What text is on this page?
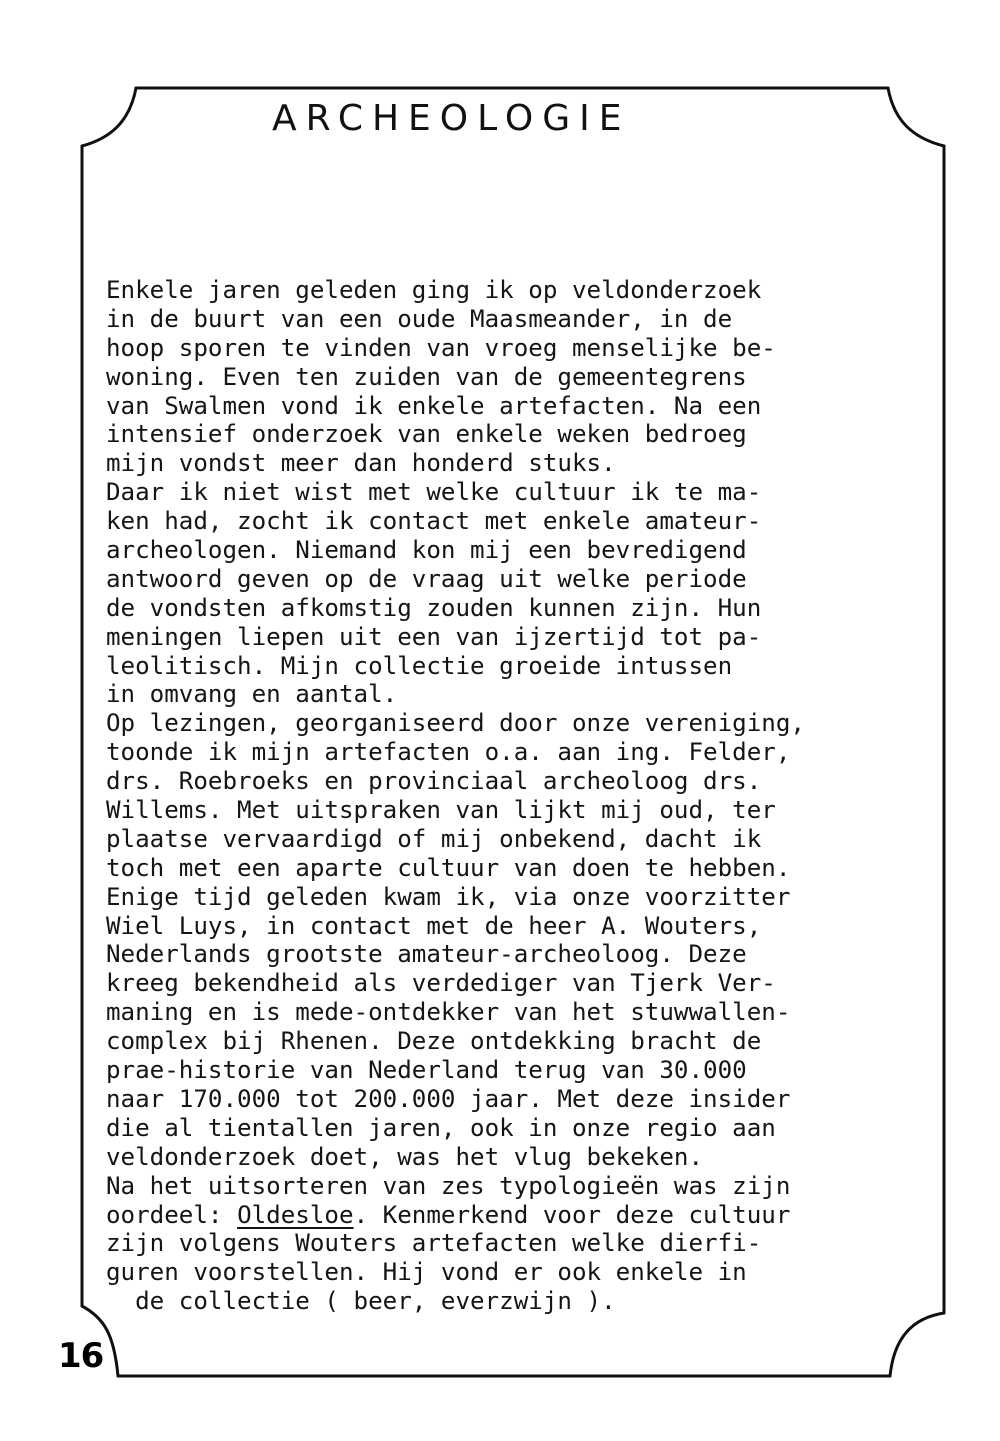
ARCHEOLOGIE
Enkele jaren geleden ging ik op veldonderzoek
in de buurt van een oude Maasmeander, in de
hoop sporen te vinden van vroeg menselijke be-
woning. Even ten zuiden van de gemeentegrens
van Swalmen vond ik enkele artefacten. Na een
intensief onderzoek van enkele weken bedroeg
mijn vondst meer dan honderd stuks.
Daar ik niet wist met welke cultuur ik te ma-
ken had, zocht ik contact met enkele amateur-
archeologen. Niemand kon mij een bevredigend
antwoord geven op de vraag uit welke periode
de vondsten afkomstig zouden kunnen zijn. Hun
meningen liepen uit een van ijzertijd tot pa-
leolitisch. Mijn collectie groeide intussen
in omvang en aantal.
Op lezingen, georganiseerd door onze vereniging,
toonde ik mijn artefacten o.a. aan ing. Felder,
drs. Roebroeks en provinciaal archeoloog drs.
Willems. Met uitspraken van lijkt mij oud, ter
plaatse vervaardigd of mij onbekend, dacht ik
toch met een aparte cultuur van doen te hebben.
Enige tijd geleden kwam ik, via onze voorzitter
Wiel Luys, in contact met de heer A. Wouters,
Nederlands grootste amateur-archeoloog. Deze
kreeg bekendheid als verdediger van Tjerk Ver-
maning en is mede-ontdekker van het stuwwallen-
complex bij Rhenen. Deze ontdekking bracht de
prae-historie van Nederland terug van 30.000
naar 170.000 tot 200.000 jaar. Met deze insider
die al tientallen jaren, ook in onze regio aan
veldonderzoek doet, was het vlug bekeken.
Na het uitsorteren van zes typologieën was zijn
oordeel: Oldesloe. Kenmerkend voor deze cultuur
zijn volgens Wouters artefacten welke dierfi-
guren voorstellen. Hij vond er ook enkele in
de collectie ( beer, everzwijn ).
16
